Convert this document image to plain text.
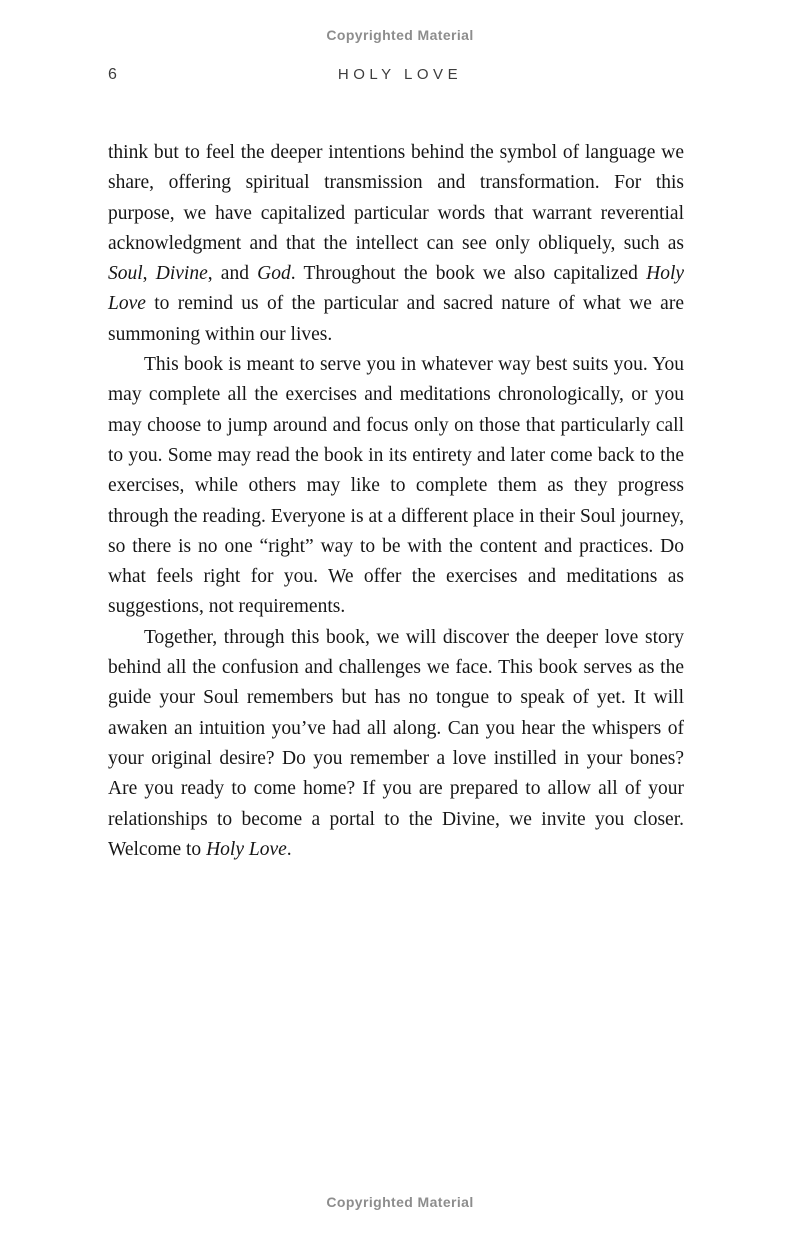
Copyrighted Material
6	HOLY LOVE

think but to feel the deeper intentions behind the symbol of language we share, offering spiritual transmission and transformation. For this purpose, we have capitalized particular words that warrant reverential acknowledgment and that the intellect can see only obliquely, such as Soul, Divine, and God. Throughout the book we also capitalized Holy Love to remind us of the particular and sacred nature of what we are summoning within our lives.

This book is meant to serve you in whatever way best suits you. You may complete all the exercises and meditations chronologically, or you may choose to jump around and focus only on those that particularly call to you. Some may read the book in its entirety and later come back to the exercises, while others may like to complete them as they progress through the reading. Everyone is at a different place in their Soul journey, so there is no one “right” way to be with the content and practices. Do what feels right for you. We offer the exercises and meditations as suggestions, not requirements.

Together, through this book, we will discover the deeper love story behind all the confusion and challenges we face. This book serves as the guide your Soul remembers but has no tongue to speak of yet. It will awaken an intuition you’ve had all along. Can you hear the whispers of your original desire? Do you remember a love instilled in your bones? Are you ready to come home? If you are prepared to allow all of your relationships to become a portal to the Divine, we invite you closer. Welcome to Holy Love.

Copyrighted Material
